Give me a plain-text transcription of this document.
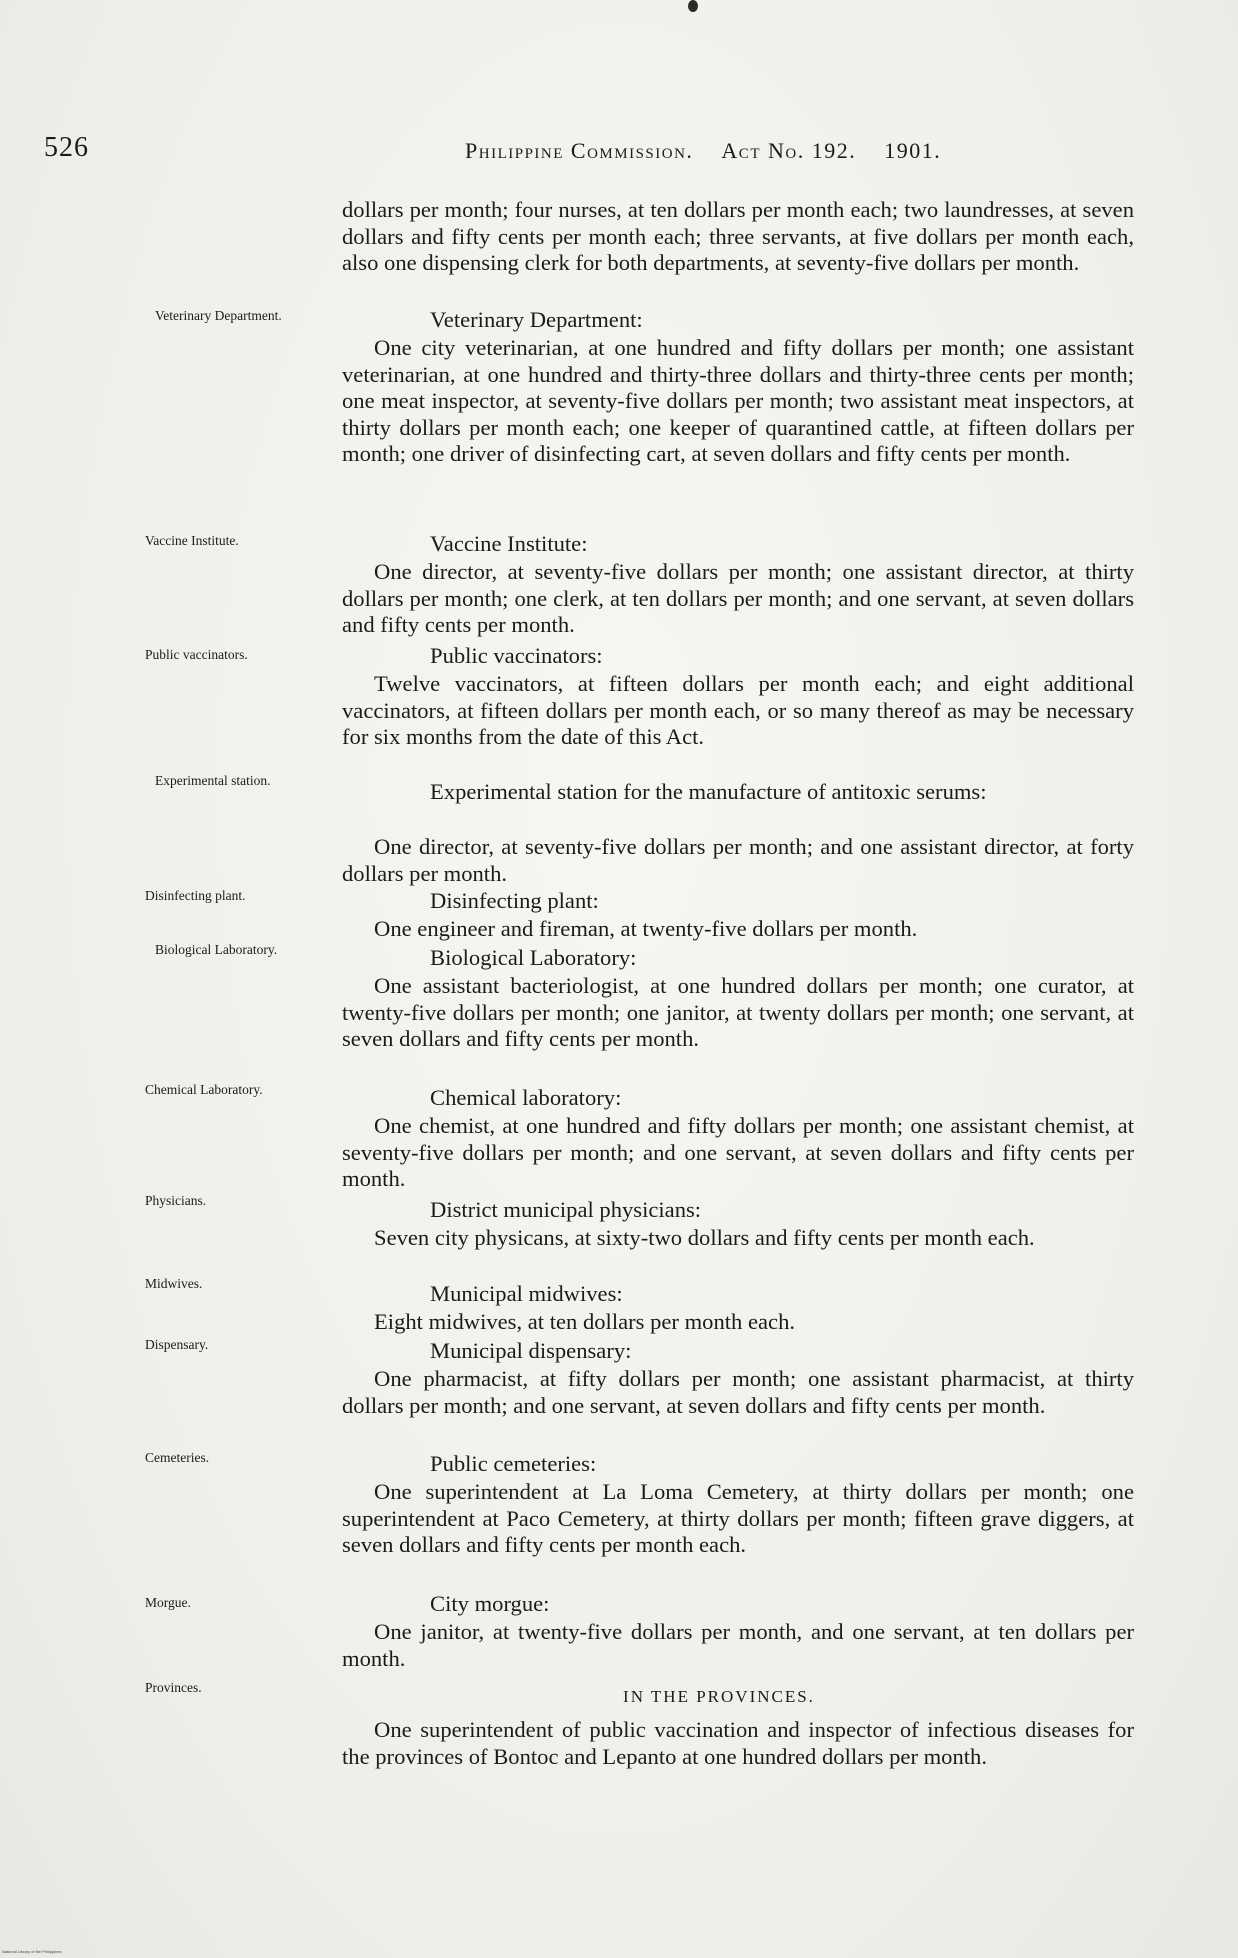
526	Philippine Commission. Act No. 192. 1901.
Veterinary Department.
Vaccine Institute.
Public vaccinators.
Experimental station.
Disinfecting plant.
Biological Laboratory.
Chemical Laboratory.
Physicians.
Midwives.
Dispensary.
Cemeteries.
Morgue.
Provinces.
dollars per month; four nurses, at ten dollars per month each; two laundresses, at seven dollars and fifty cents per month each; three servants, at five dollars per month each, also one dispensing clerk for both departments, at seventy-five dollars per month.
Veterinary Department:
One city veterinarian, at one hundred and fifty dollars per month; one assistant veterinarian, at one hundred and thirty-three dollars and thirty-three cents per month; one meat inspector, at seventy-five dollars per month; two assistant meat inspectors, at thirty dollars per month each; one keeper of quarantined cattle, at fifteen dollars per month; one driver of disinfecting cart, at seven dollars and fifty cents per month.
Vaccine Institute:
One director, at seventy-five dollars per month; one assistant director, at thirty dollars per month; one clerk, at ten dollars per month; and one servant, at seven dollars and fifty cents per month.
Public vaccinators:
Twelve vaccinators, at fifteen dollars per month each; and eight additional vaccinators, at fifteen dollars per month each, or so many thereof as may be necessary for six months from the date of this Act.
Experimental station for the manufacture of antitoxic serums:
One director, at seventy-five dollars per month; and one assistant director, at forty dollars per month.
Disinfecting plant:
One engineer and fireman, at twenty-five dollars per month.
Biological Laboratory:
One assistant bacteriologist, at one hundred dollars per month; one curator, at twenty-five dollars per month; one janitor, at twenty dollars per month; one servant, at seven dollars and fifty cents per month.
Chemical laboratory:
One chemist, at one hundred and fifty dollars per month; one assistant chemist, at seventy-five dollars per month; and one servant, at seven dollars and fifty cents per month.
District municipal physicians:
Seven city physicans, at sixty-two dollars and fifty cents per month each.
Municipal midwives:
Eight midwives, at ten dollars per month each.
Municipal dispensary:
One pharmacist, at fifty dollars per month; one assistant pharmacist, at thirty dollars per month; and one servant, at seven dollars and fifty cents per month.
Public cemeteries:
One superintendent at La Loma Cemetery, at thirty dollars per month; one superintendent at Paco Cemetery, at thirty dollars per month; fifteen grave diggers, at seven dollars and fifty cents per month each.
City morgue:
One janitor, at twenty-five dollars per month, and one servant, at ten dollars per month.
IN THE PROVINCES.
One superintendent of public vaccination and inspector of infectious diseases for the provinces of Bontoc and Lepanto at one hundred dollars per month.
National Library of the Philippines
